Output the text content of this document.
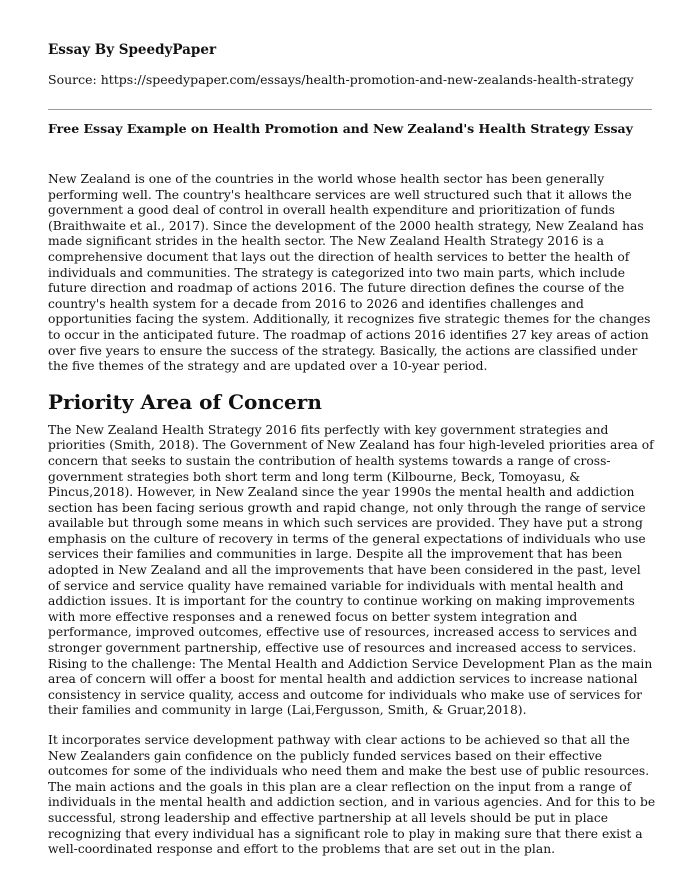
Essay By SpeedyPaper
Source: https://speedypaper.com/essays/health-promotion-and-new-zealands-health-strategy
Free Essay Example on Health Promotion and New Zealand's Health Strategy Essay

New Zealand is one of the countries in the world whose health sector has been generally performing well. The country's healthcare services are well structured such that it allows the government a good deal of control in overall health expenditure and prioritization of funds (Braithwaite et al., 2017). Since the development of the 2000 health strategy, New Zealand has made significant strides in the health sector. The New Zealand Health Strategy 2016 is a comprehensive document that lays out the direction of health services to better the health of individuals and communities. The strategy is categorized into two main parts, which include future direction and roadmap of actions 2016. The future direction defines the course of the country's health system for a decade from 2016 to 2026 and identifies challenges and opportunities facing the system. Additionally, it recognizes five strategic themes for the changes to occur in the anticipated future. The roadmap of actions 2016 identifies 27 key areas of action over five years to ensure the success of the strategy. Basically, the actions are classified under the five themes of the strategy and are updated over a 10-year period.

Priority Area of Concern

The New Zealand Health Strategy 2016 fits perfectly with key government strategies and priorities (Smith, 2018). The Government of New Zealand has four high-leveled priorities area of concern that seeks to sustain the contribution of health systems towards a range of cross-government strategies both short term and long term (Kilbourne, Beck, Tomoyasu, & Pincus,2018). However, in New Zealand since the year 1990s the mental health and addiction section has been facing serious growth and rapid change, not only through the range of service available but through some means in which such services are provided. They have put a strong emphasis on the culture of recovery in terms of the general expectations of individuals who use services their families and communities in large. Despite all the improvement that has been adopted in New Zealand and all the improvements that have been considered in the past, level of service and service quality have remained variable for individuals with mental health and addiction issues. It is important for the country to continue working on making improvements with more effective responses and a renewed focus on better system integration and performance, improved outcomes, effective use of resources, increased access to services and stronger government partnership, effective use of resources and increased access to services. Rising to the challenge: The Mental Health and Addiction Service Development Plan as the main area of concern will offer a boost for mental health and addiction services to increase national consistency in service quality, access and outcome for individuals who make use of services for their families and community in large (Lai,Fergusson, Smith, & Gruar,2018).

It incorporates service development pathway with clear actions to be achieved so that all the New Zealanders gain confidence on the publicly funded services based on their effective outcomes for some of the individuals who need them and make the best use of public resources. The main actions and the goals in this plan are a clear reflection on the input from a range of individuals in the mental health and addiction section, and in various agencies. And for this to be successful, strong leadership and effective partnership at all levels should be put in place recognizing that every individual has a significant role to play in making sure that there exist a well-coordinated response and effort to the problems that are set out in the plan.
